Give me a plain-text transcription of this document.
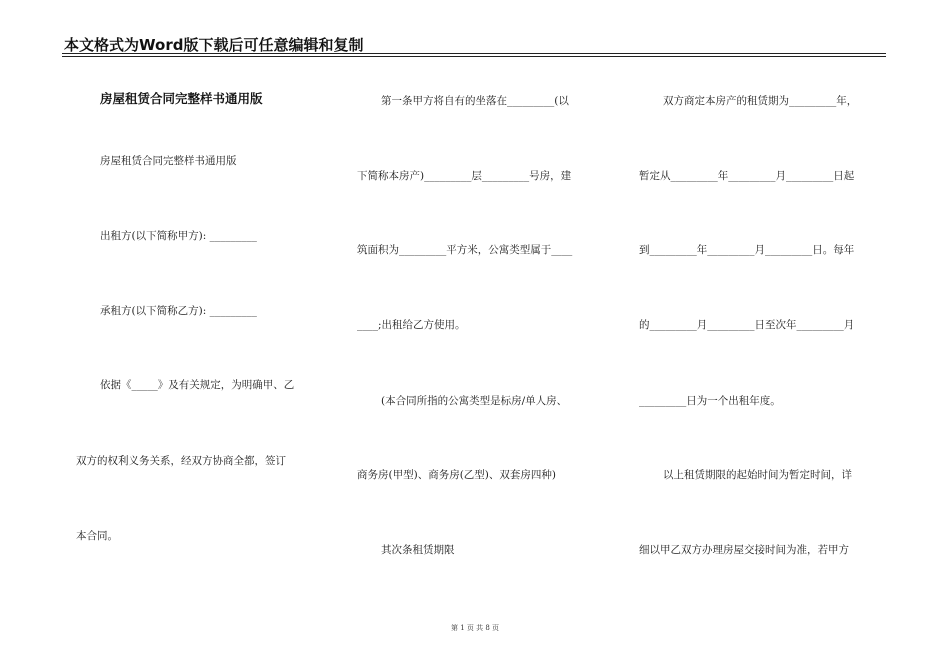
本文格式为Word版下载后可任意编辑和复制
房屋租赁合同完整样书通用版
房屋租赁合同完整样书通用版
出租方(以下简称甲方): _________
承租方(以下简称乙方): _________
依据《_____》及有关规定，为明确甲、乙
双方的权利义务关系，经双方协商全都，签订
本合同。
第一条甲方将自有的坐落在_________(以
下简称本房产)_________层_________号房，建
筑面积为_________平方米，公寓类型属于____
____;出租给乙方使用。
(本合同所指的公寓类型是标房/单人房、
商务房(甲型)、商务房(乙型)、双套房四种)
其次条租赁期限
双方商定本房产的租赁期为_________年，
暂定从_________年_________月_________日起
到_________年_________月_________日。每年
的_________月_________日至次年_________月
_________日为一个出租年度。
以上租赁期限的起始时间为暂定时间，详
细以甲乙双方办理房屋交接时间为准，若甲方
第 1 页 共 8 页
